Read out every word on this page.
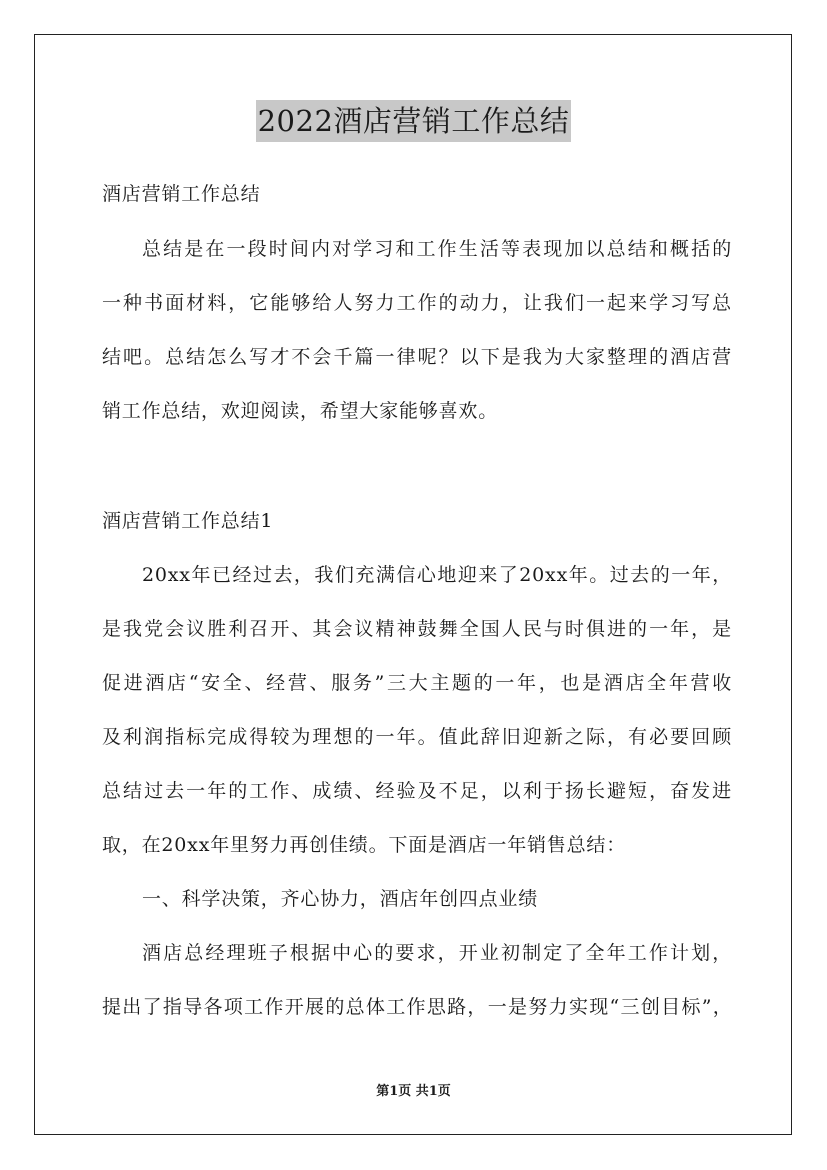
2022酒店营销工作总结
酒店营销工作总结
总结是在一段时间内对学习和工作生活等表现加以总结和概括的
一种书面材料，它能够给人努力工作的动力，让我们一起来学习写总
结吧。总结怎么写才不会千篇一律呢？以下是我为大家整理的酒店营
销工作总结，欢迎阅读，希望大家能够喜欢。
酒店营销工作总结1
20xx年已经过去，我们充满信心地迎来了20xx年。过去的一年，
是我党会议胜利召开、其会议精神鼓舞全国人民与时俱进的一年，是
促进酒店“安全、经营、服务”三大主题的一年，也是酒店全年营收
及利润指标完成得较为理想的一年。值此辞旧迎新之际，有必要回顾
总结过去一年的工作、成绩、经验及不足，以利于扬长避短，奋发进
取，在20xx年里努力再创佳绩。下面是酒店一年销售总结：
一、科学决策，齐心协力，酒店年创四点业绩
酒店总经理班子根据中心的要求，开业初制定了全年工作计划，
提出了指导各项工作开展的总体工作思路，一是努力实现“三创目标”，
第1页 共1页
